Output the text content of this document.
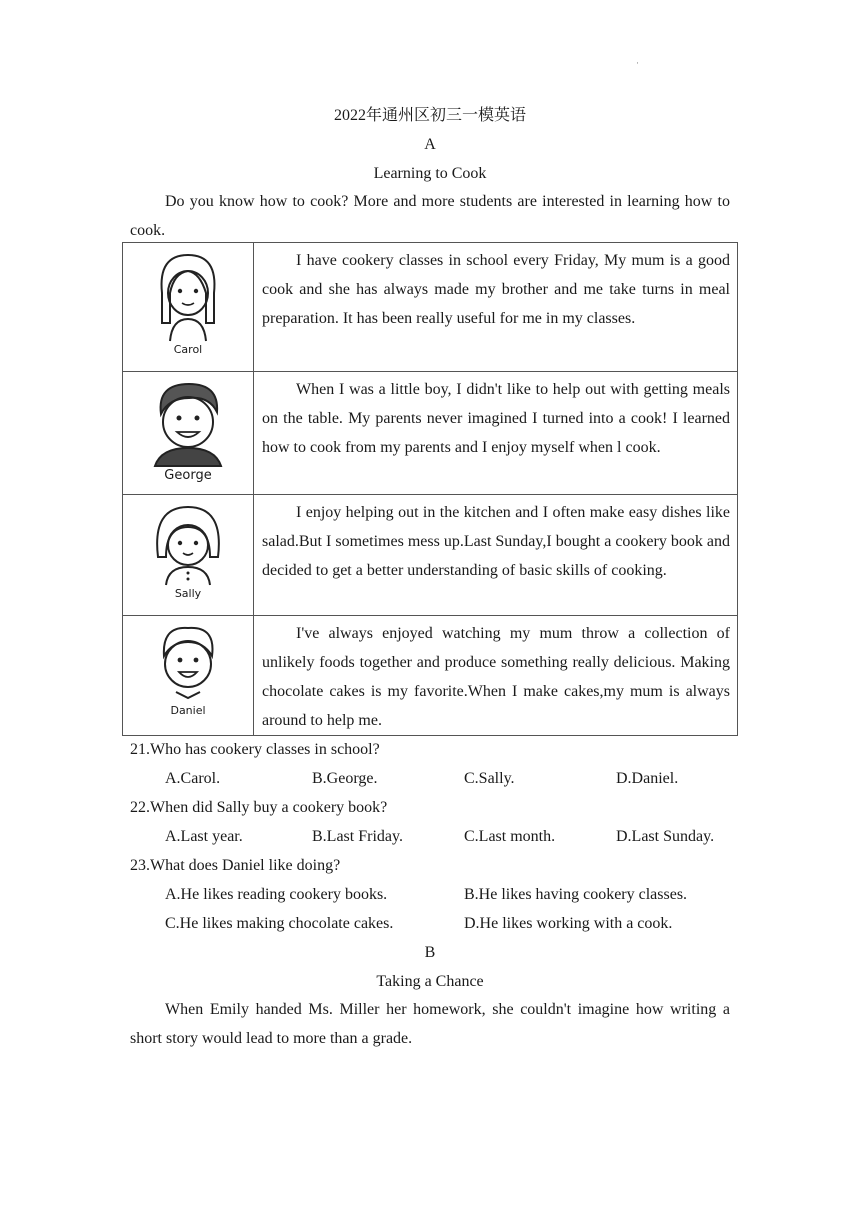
·
2022年通州区初三一模英语
A
Learning to Cook
Do you know how to cook? More and more students are interested in learning how to cook.
Carol	I have cookery classes in school every Friday, My mum is a good cook and she has always made my brother and me take turns in meal preparation. It has been really useful for me in my classes.

George	When I was a little boy, I didn't like to help out with getting meals on the table. My parents never imagined I turned into a cook! I learned how to cook from my parents and I enjoy myself when l cook.

Sally	I enjoy helping out in the kitchen and I often make easy dishes like salad.But I sometimes mess up.Last Sunday,I bought a cookery book and decided to get a better understanding of basic skills of cooking.

Daniel	I've always enjoyed watching my mum throw a collection of unlikely foods together and produce something really delicious. Making chocolate cakes is my favorite.When I make cakes,my mum is always around to help me.
21.Who has cookery classes in school?
A.Carol.	B.George.	C.Sally.	D.Daniel.
22.When did Sally buy a cookery book?
A.Last year.	B.Last Friday.	C.Last month.	D.Last Sunday.
23.What does Daniel like doing?
A.He likes reading cookery books.	B.He likes having cookery classes.
C.He likes making chocolate cakes.	D.He likes working with a cook.
B
Taking a Chance
When Emily handed Ms. Miller her homework, she couldn't imagine how writing a short story would lead to more than a grade.
